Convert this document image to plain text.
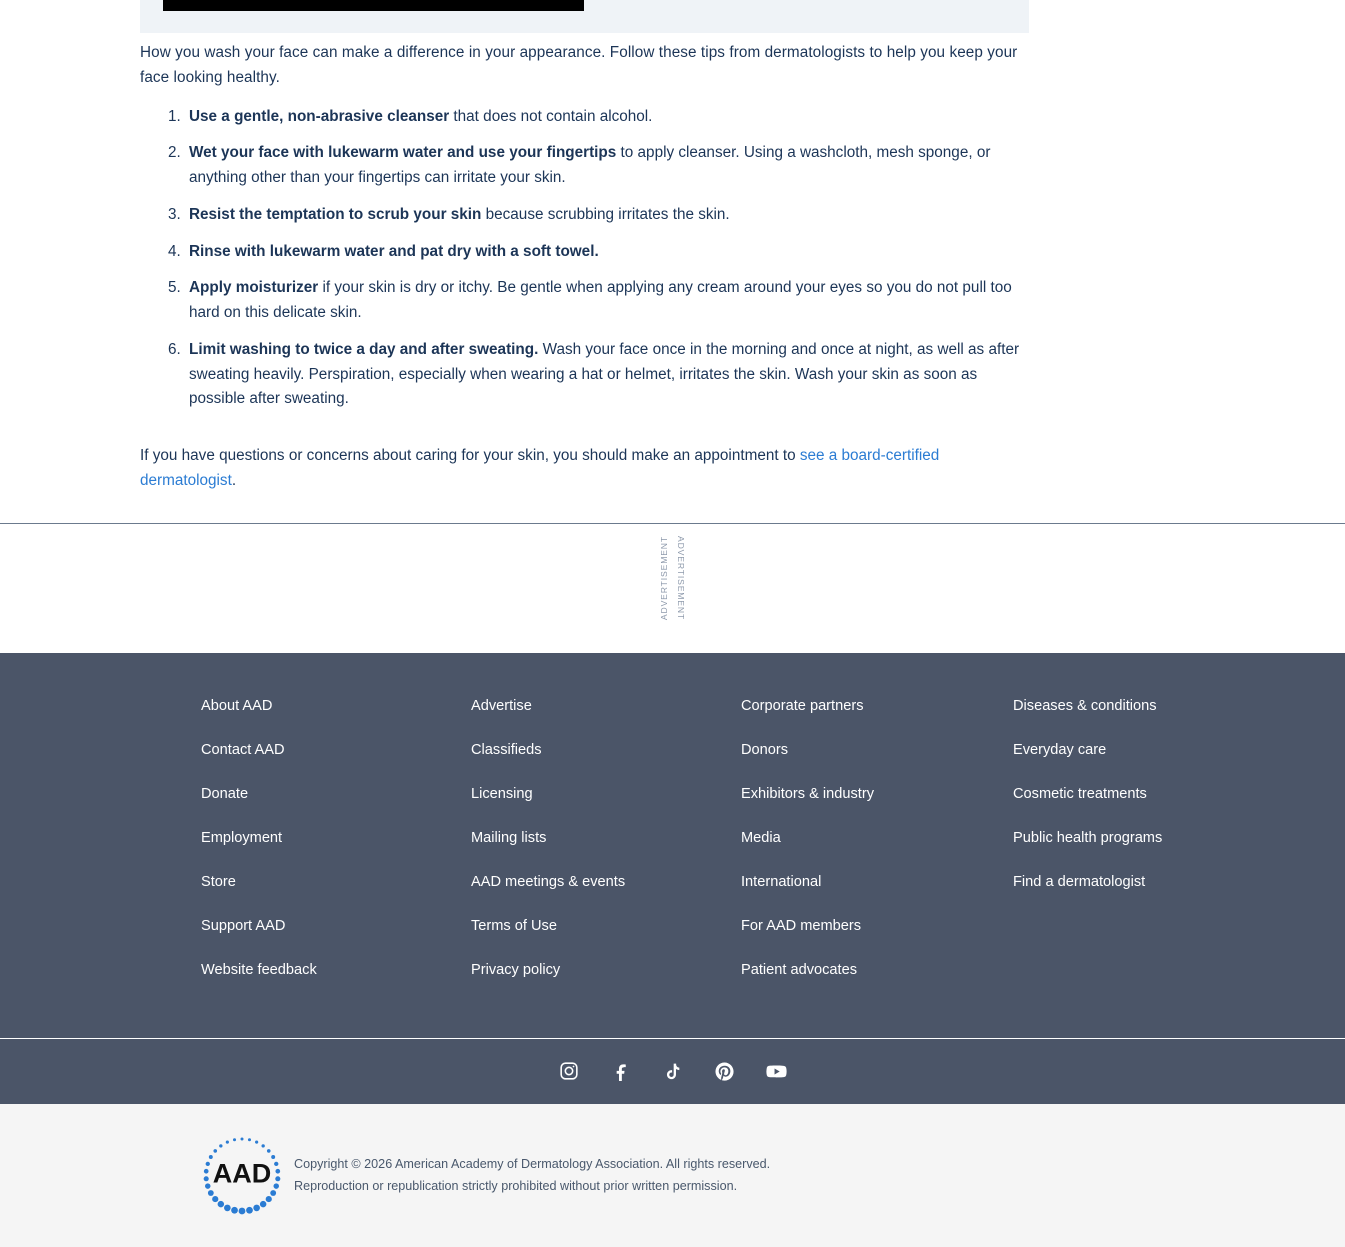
How you wash your face can make a difference in your appearance. Follow these tips from dermatologists to help you keep your face looking healthy.

1. Use a gentle, non-abrasive cleanser that does not contain alcohol.
2. Wet your face with lukewarm water and use your fingertips to apply cleanser. Using a washcloth, mesh sponge, or anything other than your fingertips can irritate your skin.
3. Resist the temptation to scrub your skin because scrubbing irritates the skin.
4. Rinse with lukewarm water and pat dry with a soft towel.
5. Apply moisturizer if your skin is dry or itchy. Be gentle when applying any cream around your eyes so you do not pull too hard on this delicate skin.
6. Limit washing to twice a day and after sweating. Wash your face once in the morning and once at night, as well as after sweating heavily. Perspiration, especially when wearing a hat or helmet, irritates the skin. Wash your skin as soon as possible after sweating.

If you have questions or concerns about caring for your skin, you should make an appointment to see a board-certified dermatologist.

ADVERTISEMENT ADVERTISEMENT
About AAD
Contact AAD
Donate
Employment
Store
Support AAD
Website feedback
Advertise
Classifieds
Licensing
Mailing lists
AAD meetings & events
Terms of Use
Privacy policy
Corporate partners
Donors
Exhibitors & industry
Media
International
For AAD members
Patient advocates
Diseases & conditions
Everyday care
Cosmetic treatments
Public health programs
Find a dermatologist
AAD Copyright © 2026 American Academy of Dermatology Association. All rights reserved.
Reproduction or republication strictly prohibited without prior written permission.
